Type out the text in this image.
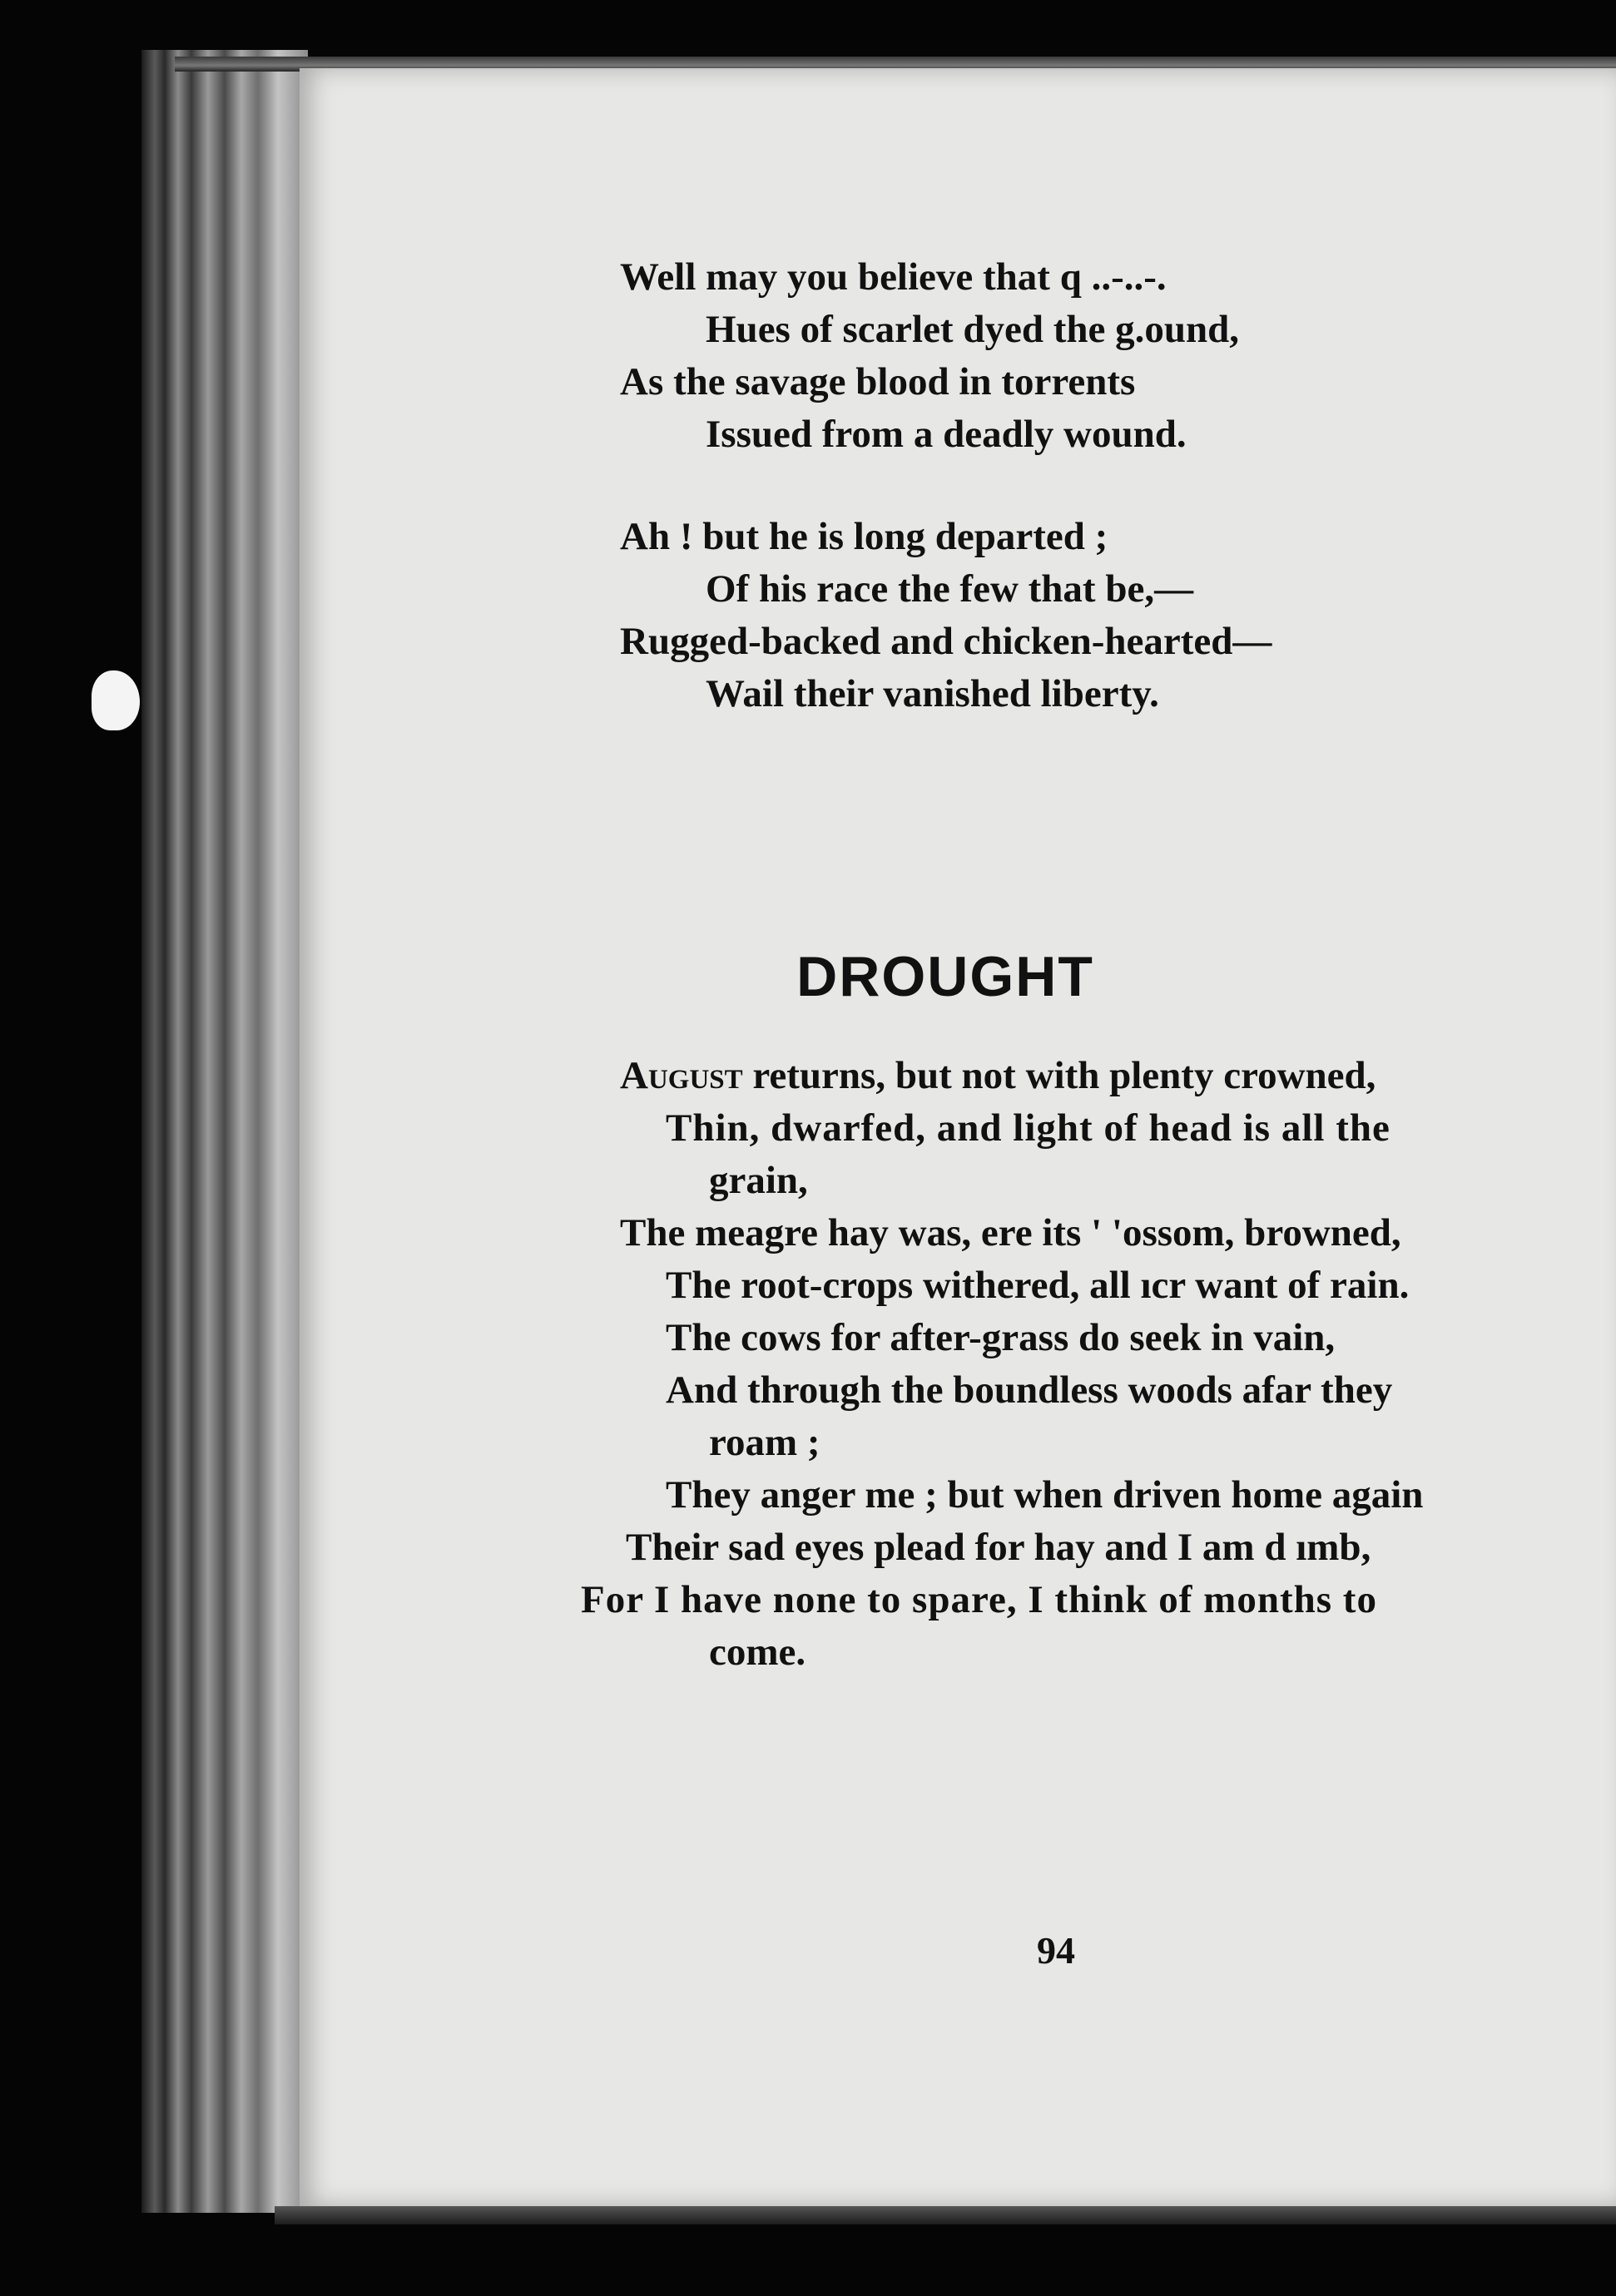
Well may you believe that q ..-..-.
Hues of scarlet dyed the g.ound,
As the savage blood in torrents
Issued from a deadly wound.
Ah ! but he is long departed ;
Of his race the few that be,—
Rugged-backed and chicken-hearted—
Wail their vanished liberty.
DROUGHT
August returns, but not with plenty crowned,
Thin, dwarfed, and light of head is all the
grain,
The meagre hay was, ere its ' 'ossom, browned,
The root-crops withered, all ıcr want of rain.
The cows for after-grass do seek in vain,
And through the boundless woods afar they
roam ;
They anger me ; but when driven home again
Their sad eyes plead for hay and I am d ımb,
For I have none to spare, I think of months to
come.
94
